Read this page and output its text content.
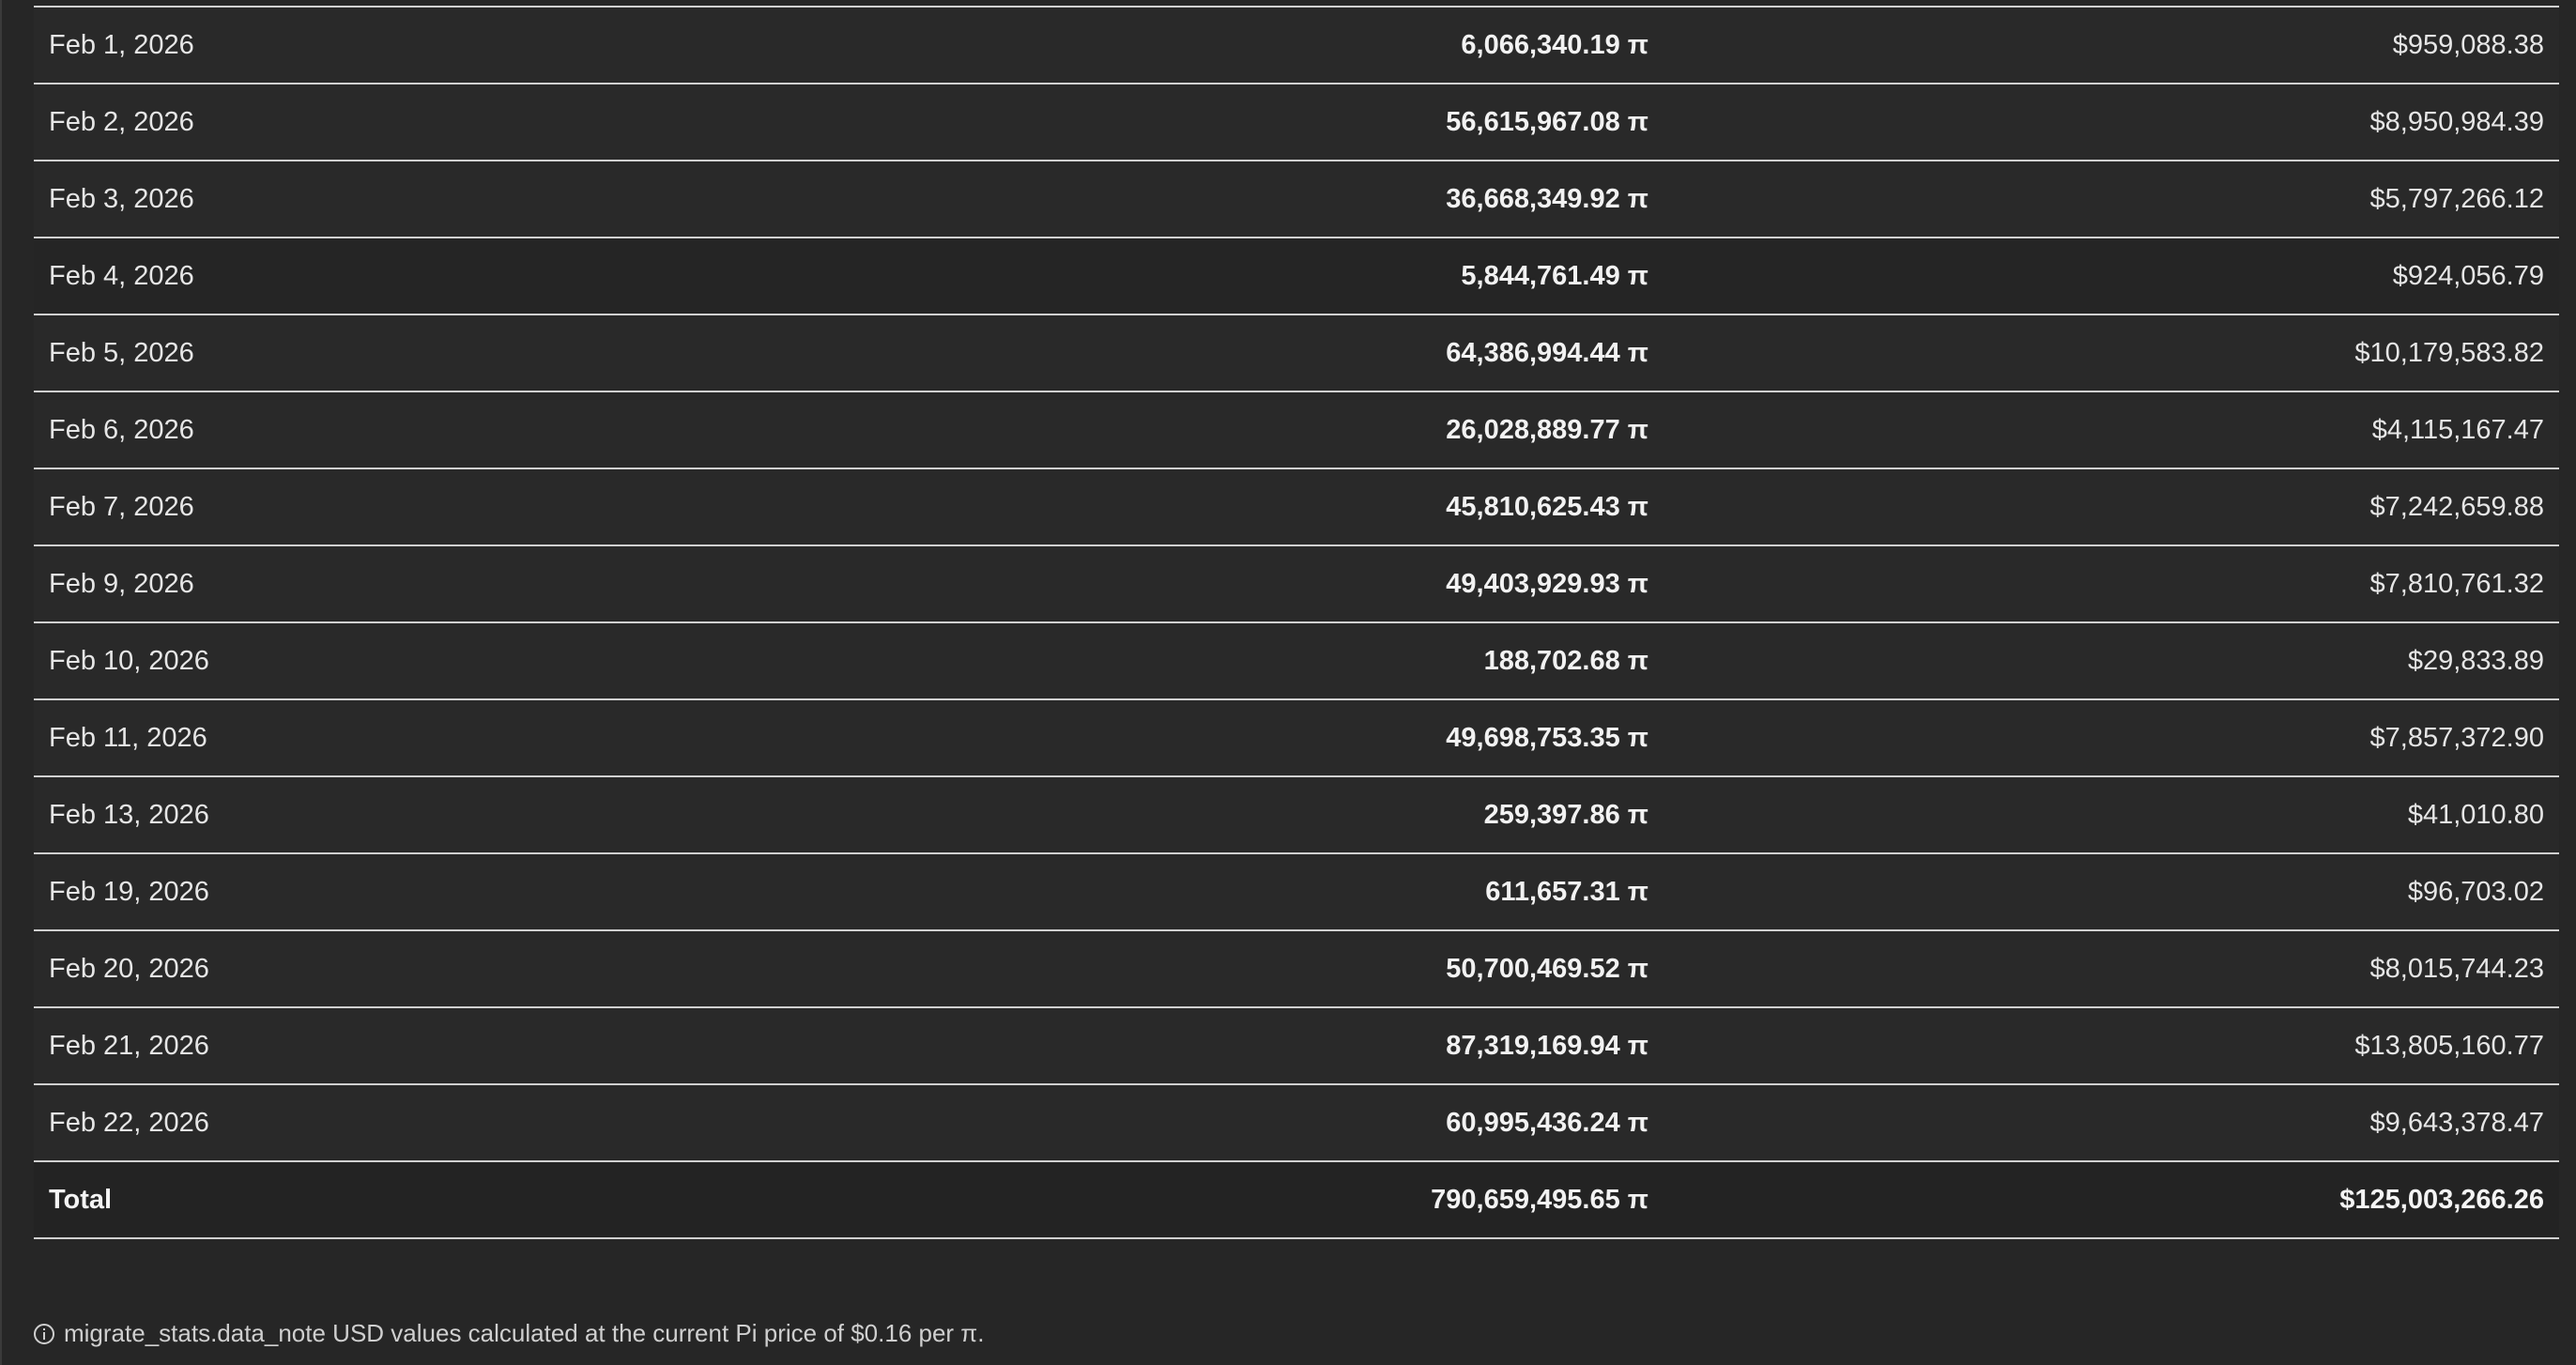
Feb 1, 2026	6,066,340.19 π	$959,088.38
Feb 2, 2026	56,615,967.08 π	$8,950,984.39
Feb 3, 2026	36,668,349.92 π	$5,797,266.12
Feb 4, 2026	5,844,761.49 π	$924,056.79
Feb 5, 2026	64,386,994.44 π	$10,179,583.82
Feb 6, 2026	26,028,889.77 π	$4,115,167.47
Feb 7, 2026	45,810,625.43 π	$7,242,659.88
Feb 9, 2026	49,403,929.93 π	$7,810,761.32
Feb 10, 2026	188,702.68 π	$29,833.89
Feb 11, 2026	49,698,753.35 π	$7,857,372.90
Feb 13, 2026	259,397.86 π	$41,010.80
Feb 19, 2026	611,657.31 π	$96,703.02
Feb 20, 2026	50,700,469.52 π	$8,015,744.23
Feb 21, 2026	87,319,169.94 π	$13,805,160.77
Feb 22, 2026	60,995,436.24 π	$9,643,378.47
Total	790,659,495.65 π	$125,003,266.26
migrate_stats.data_note USD values calculated at the current Pi price of $0.16 per π.
